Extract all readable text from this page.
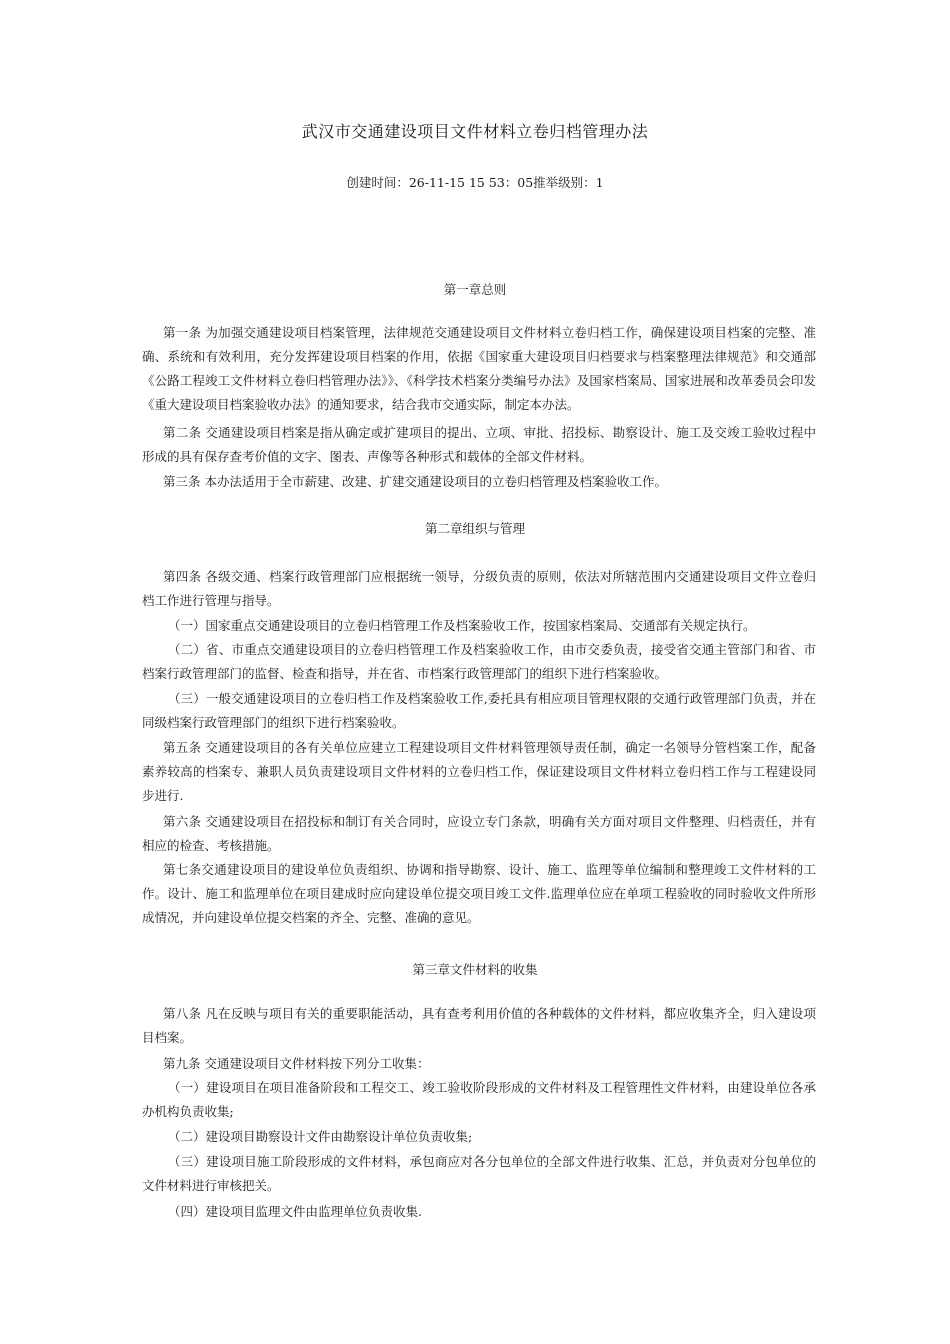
武汉市交通建设项目文件材料立卷归档管理办法
创建时间：26-11-15 15 53：05推举级别：1
第一章总则
第一条 为加强交通建设项目档案管理，法律规范交通建设项目文件材料立卷归档工作，确保建设项目档案的完整、准确、系统和有效利用，充分发挥建设项目档案的作用，依据《国家重大建设项目归档要求与档案整理法律规范》和交通部《公路工程竣工文件材料立卷归档管理办法》》、《科学技术档案分类编号办法》及国家档案局、国家进展和改革委员会印发《重大建设项目档案验收办法》的通知要求，结合我市交通实际，制定本办法。
第二条 交通建设项目档案是指从确定或扩建项目的提出、立项、审批、招投标、勘察设计、施工及交竣工验收过程中形成的具有保存查考价值的文字、图表、声像等各种形式和载体的全部文件材料。
第三条 本办法适用于全市薪建、改建、扩建交通建设项目的立卷归档管理及档案验收工作。
第二章组织与管理
第四条 各级交通、档案行政管理部门应根据统一领导，分级负责的原则，依法对所辖范围内交通建设项目文件立卷归档工作进行管理与指导。
（一）国家重点交通建设项目的立卷归档管理工作及档案验收工作，按国家档案局、交通部有关规定执行。
（二）省、市重点交通建设项目的立卷归档管理工作及档案验收工作，由市交委负责，接受省交通主管部门和省、市档案行政管理部门的监督、检查和指导，并在省、市档案行政管理部门的组织下进行档案验收。
（三）一般交通建设项目的立卷归档工作及档案验收工作,委托具有相应项目管理权限的交通行政管理部门负责，并在同级档案行政管理部门的组织下进行档案验收。
第五条 交通建设项目的各有关单位应建立工程建设项目文件材料管理领导责任制，确定一名领导分管档案工作，配备素养较高的档案专、兼职人员负责建设项目文件材料的立卷归档工作，保证建设项目文件材料立卷归档工作与工程建设同步进行.
第六条 交通建设项目在招投标和制订有关合同时，应设立专门条款，明确有关方面对项目文件整理、归档责任，并有相应的检查、考核措施。
第七条交通建设项目的建设单位负责组织、协调和指导勘察、设计、施工、监理等单位编制和整理竣工文件材料的工作。设计、施工和监理单位在项目建成时应向建设单位提交项目竣工文件.监理单位应在单项工程验收的同时验收文件所形成情况，并向建设单位提交档案的齐全、完整、准确的意见。
第三章文件材料的收集
第八条 凡在反映与项目有关的重要职能活动，具有查考利用价值的各种载体的文件材料，都应收集齐全，归入建设项目档案。
第九条 交通建设项目文件材料按下列分工收集：
（一）建设项目在项目准备阶段和工程交工、竣工验收阶段形成的文件材料及工程管理性文件材料，由建设单位各承办机构负责收集;
（二）建设项目勘察设计文件由勘察设计单位负责收集;
（三）建设项目施工阶段形成的文件材料，承包商应对各分包单位的全部文件进行收集、汇总，并负责对分包单位的文件材料进行审核把关。
（四）建设项目监理文件由监理单位负责收集.
